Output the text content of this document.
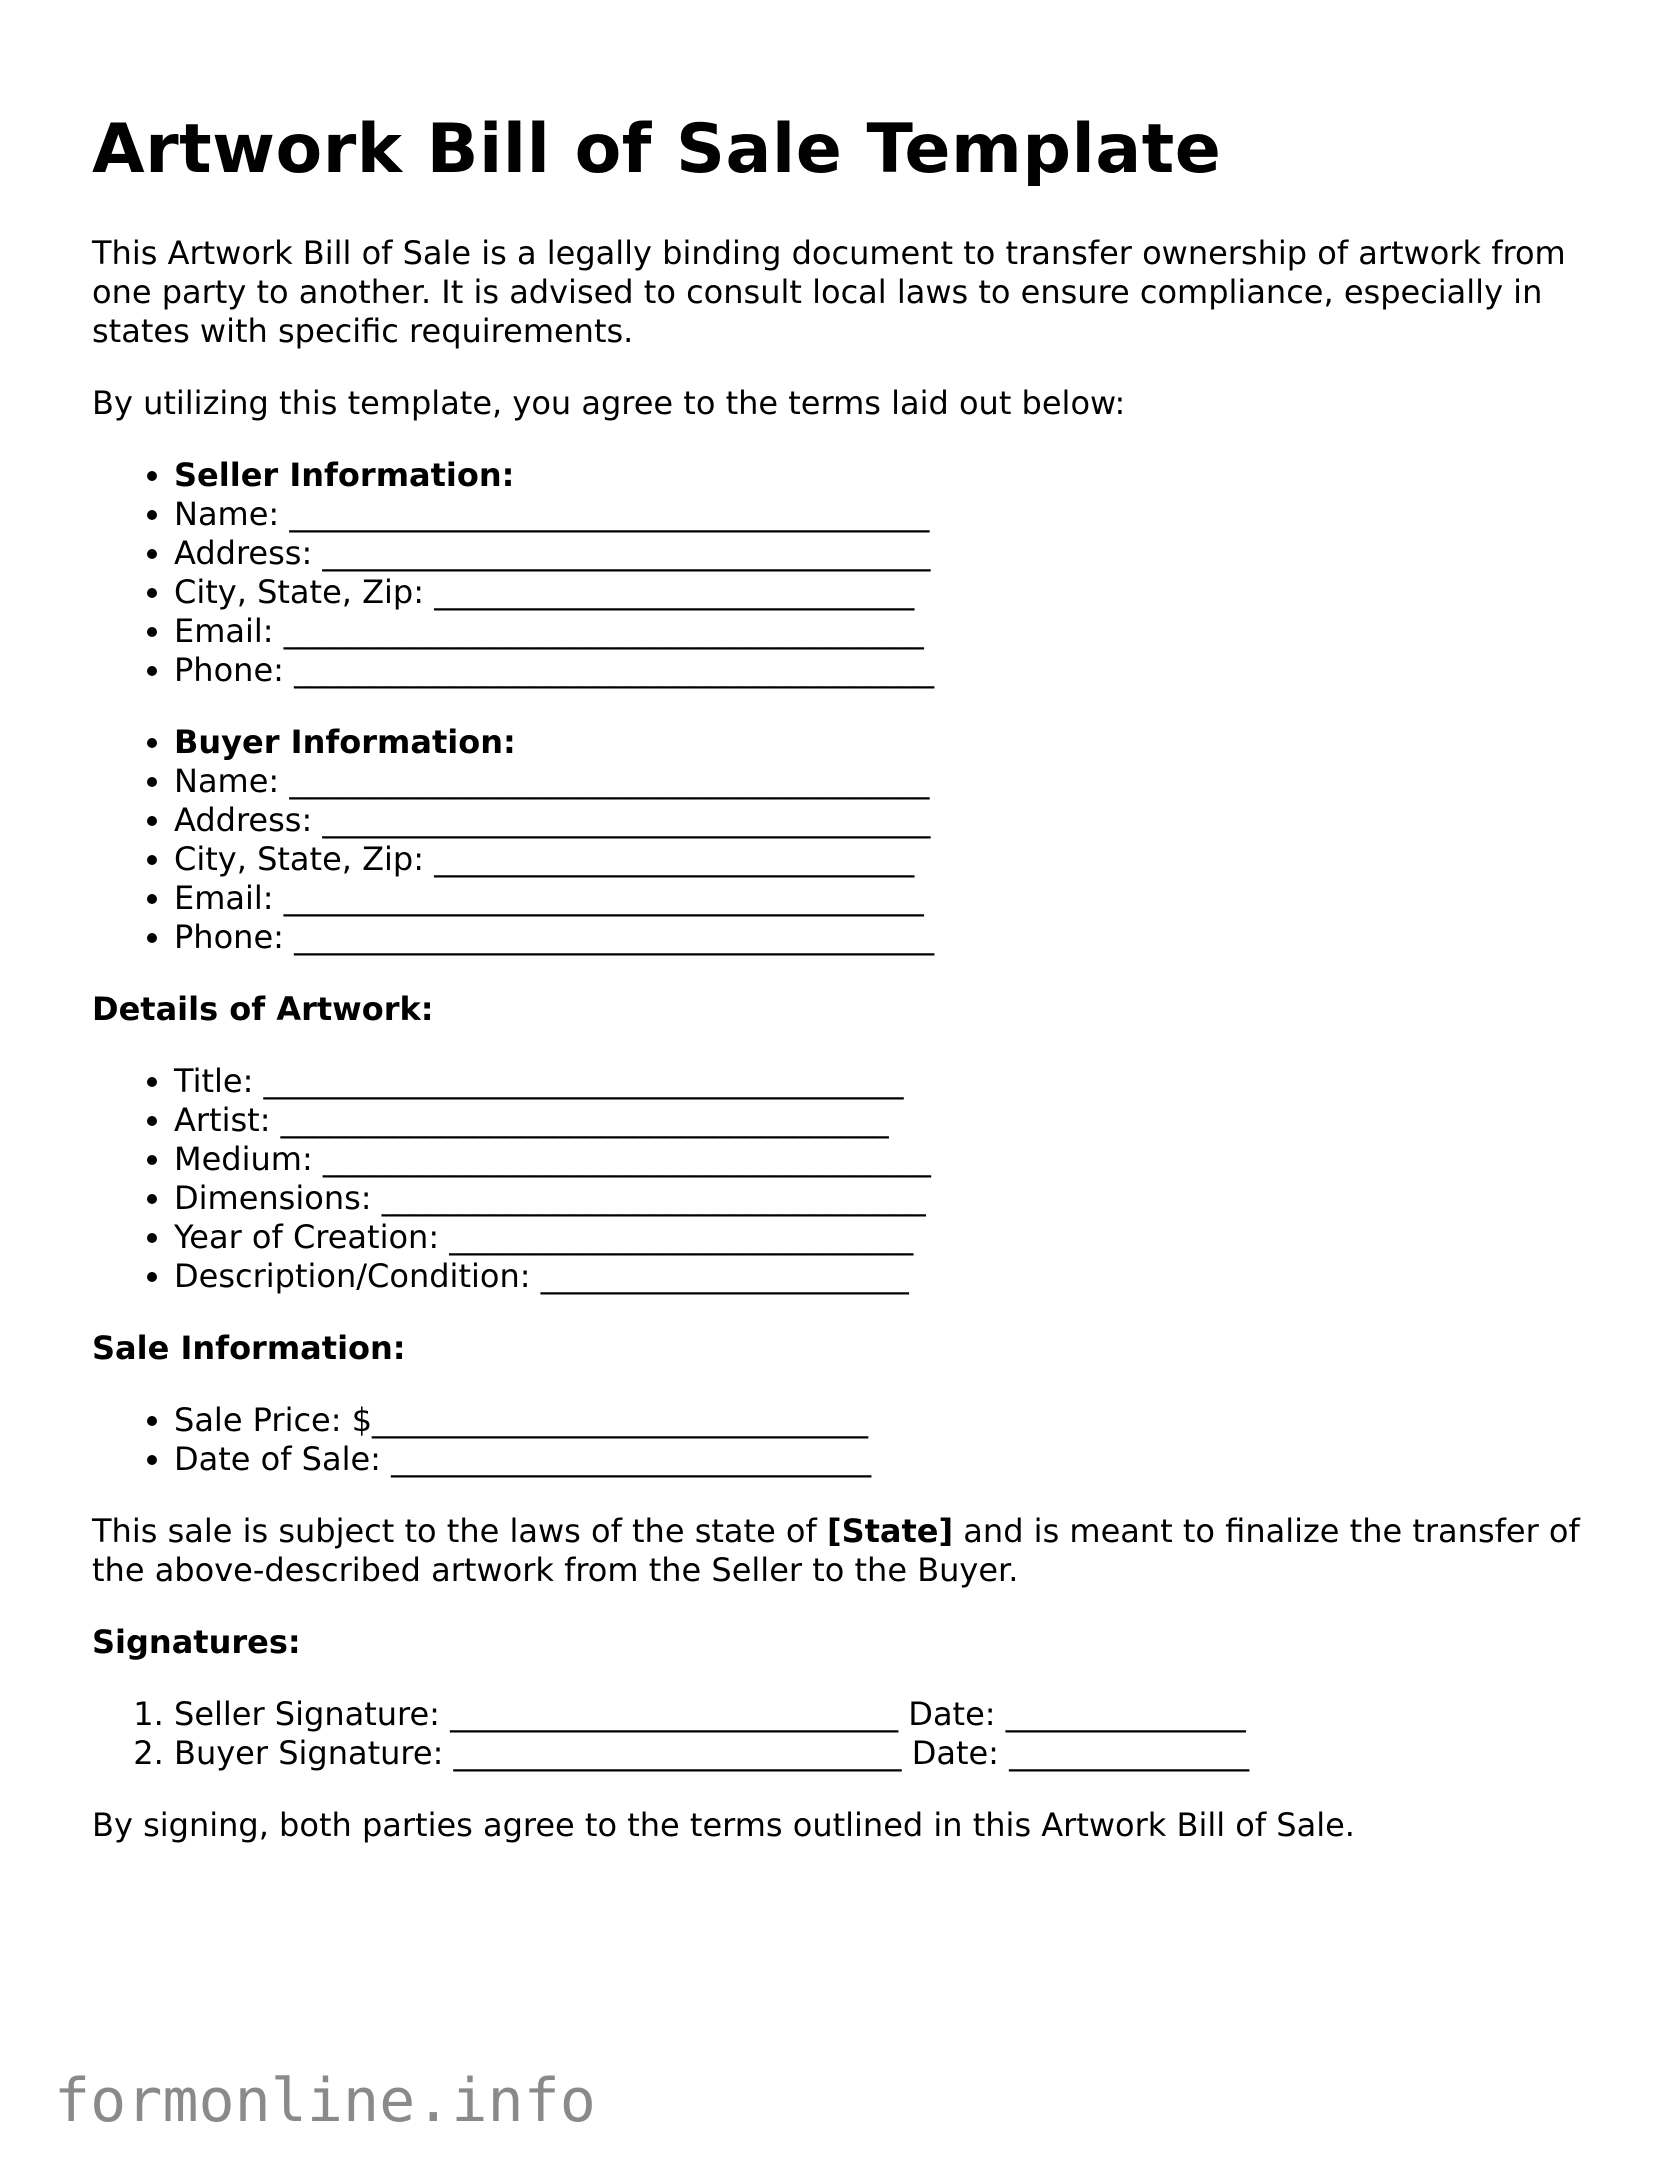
Artwork Bill of Sale Template

This Artwork Bill of Sale is a legally binding document to transfer ownership of artwork from one party to another. It is advised to consult local laws to ensure compliance, especially in states with specific requirements.

By utilizing this template, you agree to the terms laid out below:

• Seller Information:
• Name: ________________________________________
• Address: ______________________________________
• City, State, Zip: ______________________________
• Email: ________________________________________
• Phone: ________________________________________
• Buyer Information:
• Name: ________________________________________
• Address: ______________________________________
• City, State, Zip: ______________________________
• Email: ________________________________________
• Phone: ________________________________________
Details of Artwork:
• Title: ________________________________________
• Artist: ______________________________________
• Medium: ______________________________________
• Dimensions: __________________________________
• Year of Creation: _____________________________
• Description/Condition: _______________________
Sale Information:
• Sale Price: $_______________________________
• Date of Sale: ______________________________

This sale is subject to the laws of the state of [State] and is meant to finalize the transfer of the above-described artwork from the Seller to the Buyer.

Signatures:
1. Seller Signature: ____________________________ Date: _______________
2. Buyer Signature: ____________________________ Date: _______________

By signing, both parties agree to the terms outlined in this Artwork Bill of Sale.

formonline.info
